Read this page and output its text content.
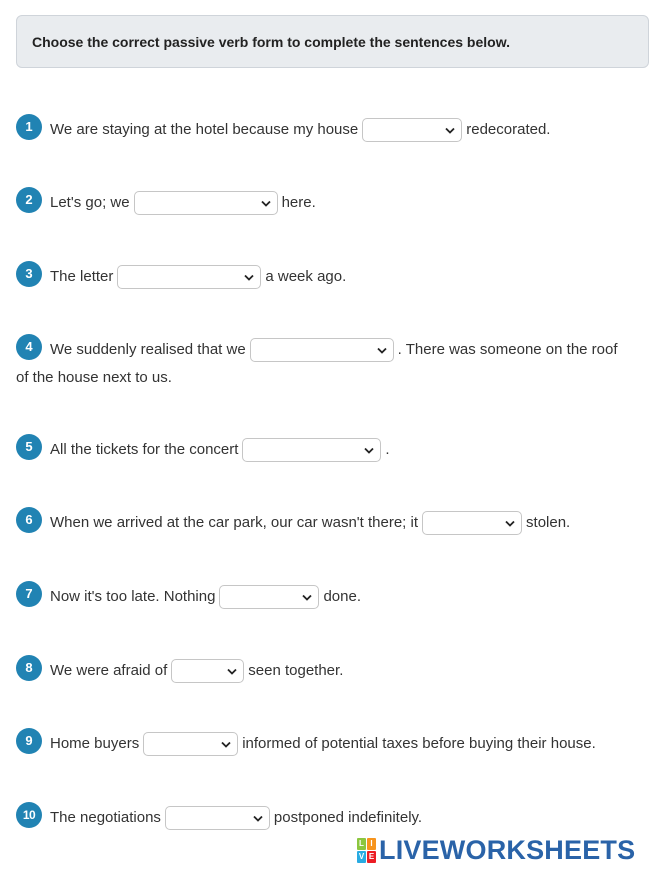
Choose the correct passive verb form to complete the sentences below.
1	We are staying at the hotel because my house	redecorated.
2	Let's go; we	here.
3	The letter	a week ago.
4	We suddenly realised that we	. There was someone on the roof
of the house next to us.
5	All the tickets for the concert	.
6	When we arrived at the car park, our car wasn't there; it	stolen.
7	Now it's too late. Nothing	done.
8	We were afraid of	seen together.
9	Home buyers	informed of potential taxes before buying their house.
10 The negotiations	postponed indefinitely.
L I
V E LIVEWORKSHEETS
